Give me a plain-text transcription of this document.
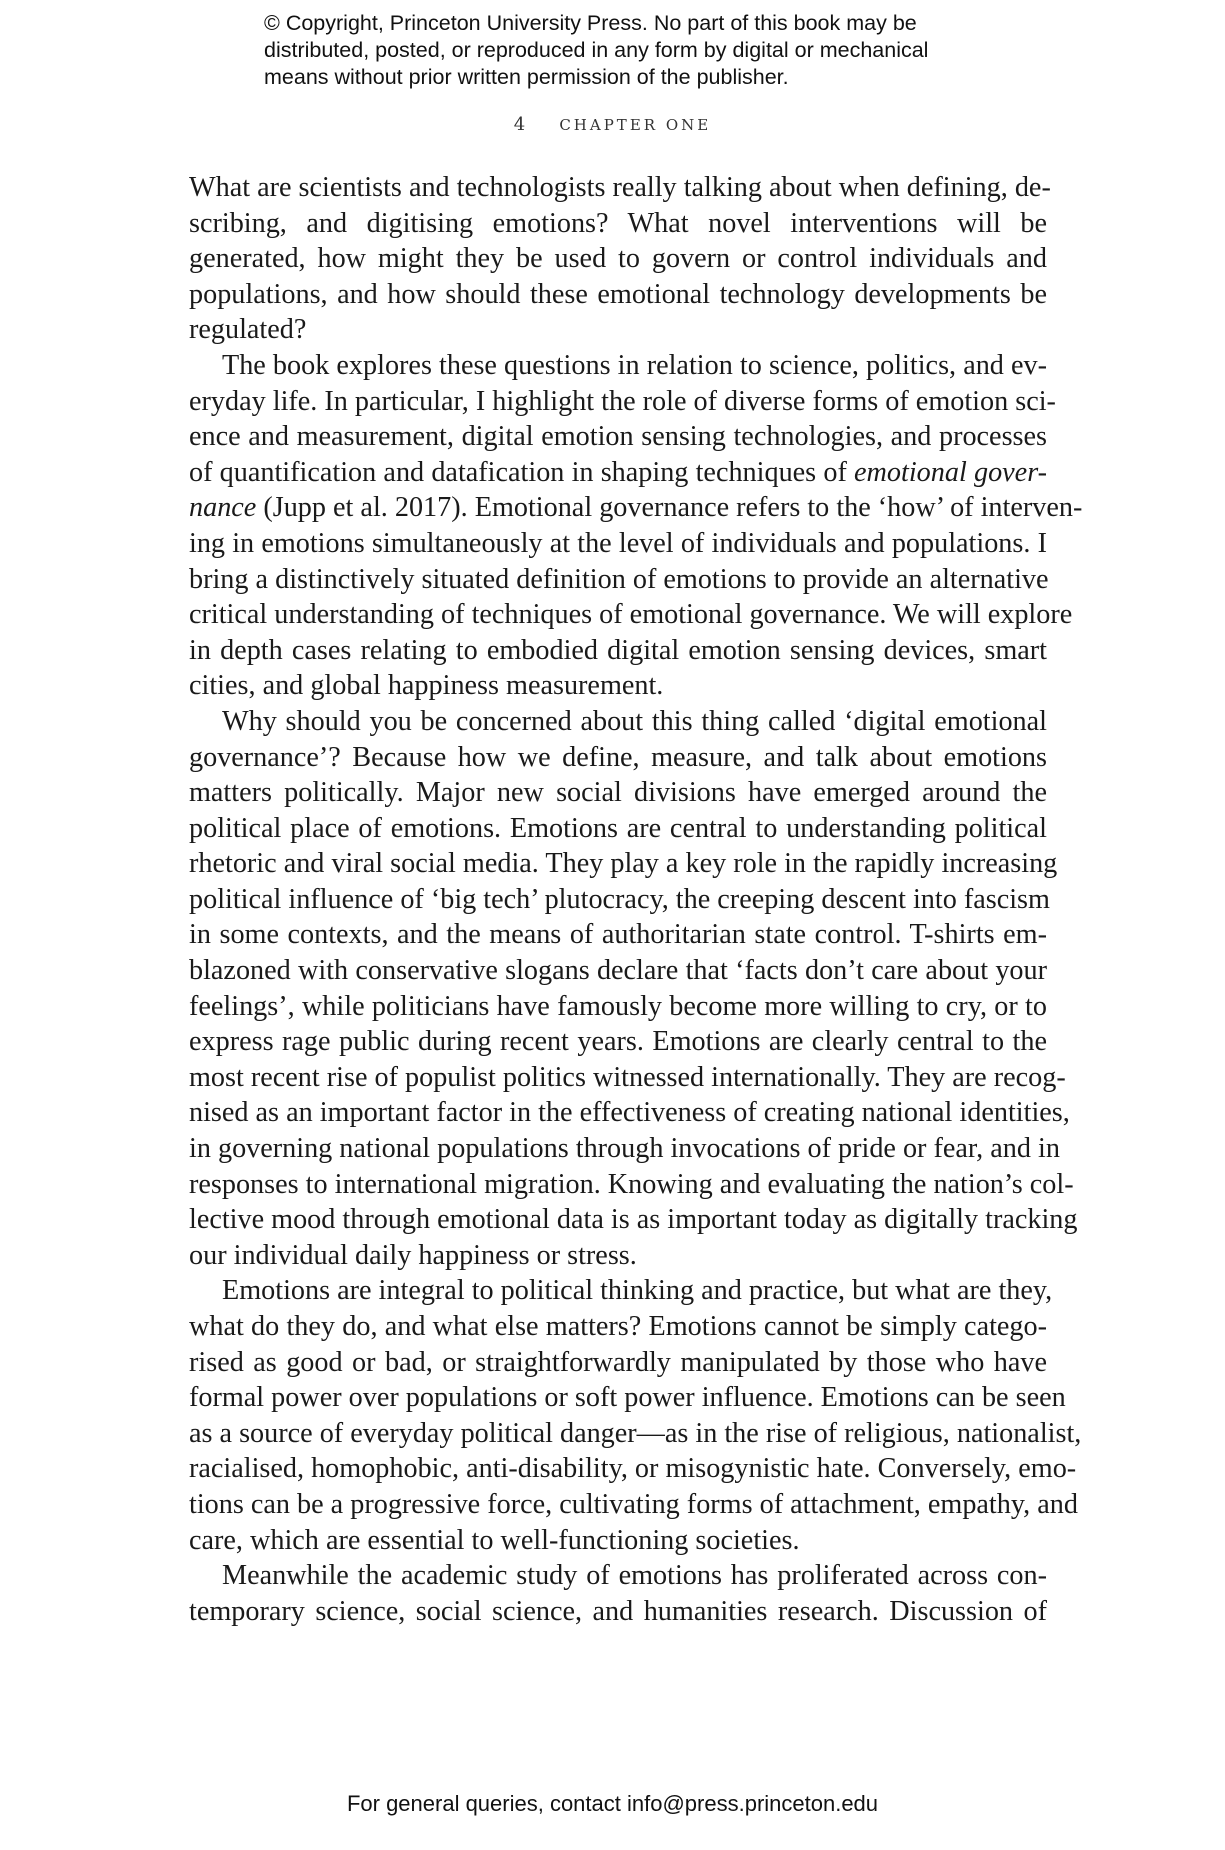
© Copyright, Princeton University Press. No part of this book may be
distributed, posted, or reproduced in any form by digital or mechanical
means without prior written permission of the publisher.
4 CHAPTER ONE
What are scientists and technologists really talking about when defining, de-
scribing, and digitising emotions? What novel interventions will be
generated, how might they be used to govern or control individuals and
populations, and how should these emotional technology developments be
regulated?
The book explores these questions in relation to science, politics, and ev-
eryday life. In particular, I highlight the role of diverse forms of emotion sci-
ence and measurement, digital emotion sensing technologies, and processes
of quantification and datafication in shaping techniques of emotional gover-
nance (Jupp et al. 2017). Emotional governance refers to the ‘how’ of interven-
ing in emotions simultaneously at the level of individuals and populations. I
bring a distinctively situated definition of emotions to provide an alternative
critical understanding of techniques of emotional governance. We will explore
in depth cases relating to embodied digital emotion sensing devices, smart
cities, and global happiness measurement.
Why should you be concerned about this thing called ‘digital emotional
governance’? Because how we define, measure, and talk about emotions
matters politically. Major new social divisions have emerged around the
political place of emotions. Emotions are central to understanding political
rhetoric and viral social media. They play a key role in the rapidly increasing
political influence of ‘big tech’ plutocracy, the creeping descent into fascism
in some contexts, and the means of authoritarian state control. T-shirts em-
blazoned with conservative slogans declare that ‘facts don’t care about your
feelings’, while politicians have famously become more willing to cry, or to
express rage public during recent years. Emotions are clearly central to the
most recent rise of populist politics witnessed internationally. They are recog-
nised as an important factor in the effectiveness of creating national identities,
in governing national populations through invocations of pride or fear, and in
responses to international migration. Knowing and evaluating the nation’s col-
lective mood through emotional data is as important today as digitally tracking
our individual daily happiness or stress.
Emotions are integral to political thinking and practice, but what are they,
what do they do, and what else matters? Emotions cannot be simply catego-
rised as good or bad, or straightforwardly manipulated by those who have
formal power over populations or soft power influence. Emotions can be seen
as a source of everyday political danger—as in the rise of religious, nationalist,
racialised, homophobic, anti-disability, or misogynistic hate. Conversely, emo-
tions can be a progressive force, cultivating forms of attachment, empathy, and
care, which are essential to well-functioning societies.
Meanwhile the academic study of emotions has proliferated across con-
temporary science, social science, and humanities research. Discussion of
For general queries, contact info@press.princeton.edu
